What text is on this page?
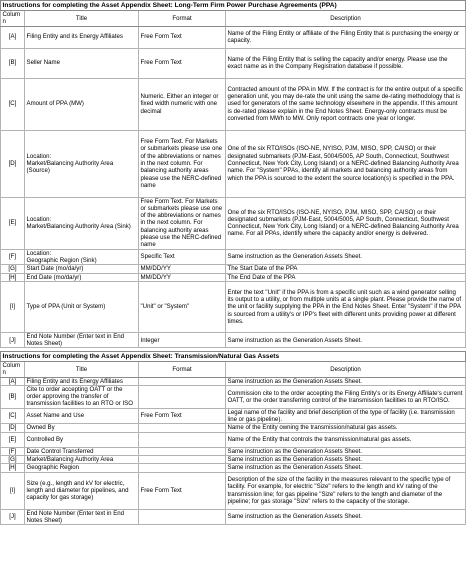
Instructions for completing the Asset Appendix Sheet: Long-Term Firm Power Purchase Agreements (PPA)			
Column	Title	Format	Description
[A]	Filing Entity and its Energy Affiliates	Free Form Text	Name of the Filing Entity or affiliate of the Filing Entity that is purchasing the energy or capacity.
[B]	Seller Name	Free Form Text	Name of the Filing Entity that is selling the capacity and/or energy. Please use the exact name as in the Company Registration database if possible.
[C]	Amount of PPA (MW)	Numeric. Either an integer or fixed width numeric with one decimal	Contracted amount of the PPA in MW. If the contract is for the entire output of a specific generation unit, you may de-rate the unit using the same de-rating methodology that is used for generators of the same technology elsewhere in the appendix. If this amount is de-rated please explain in the End Notes Sheet. Energy-only contracts must be converted from MWh to MW. Only report contracts one year or longer.
[D]	Location:
Market/Balancing Authority Area (Source)	Free Form Text. For Markets or submarkets please use one of the abbreviations or names in the next column. For balancing authority areas please use the NERC-defined name	One of the six RTO/ISOs (ISO-NE, NYISO, PJM, MISO, SPP, CAISO) or their designated submarkets (PJM-East, 5004/5005, AP South, Connecticut, Southwest Connecticut, New York City, Long Island) or a NERC-defined Balancing Authority Area name. For "System" PPAs, identify all markets and balancing authority areas from which the PPA is sourced to the extent the source location(s) is specified in the PPA.
[E]	Location:
Market/Balancing Authority Area (Sink)	Free Form Text. For Markets or submarkets please use one of the abbreviations or names in the next column. For balancing authority areas please use the NERC-defined name	One of the six RTO/ISOs (ISO-NE, NYISO, PJM, MISO, SPP, CAISO) or their designated submarkets (PJM-East, 5004/5005, AP South, Connecticut, Southwest Connecticut, New York City, Long Island) or a NERC-defined Balancing Authority Area name. For all PPAs, identify where the capacity and/or energy is delivered.
[F]	Location:
Geographic Region (Sink)	Specific Text	Same instruction as the Generation Assets Sheet.
[G]	Start Date (mo/da/yr)	MM/DD/YY	The Start Date of the PPA
[H]	End Date (mo/da/yr)	MM/DD/YY	The End Date of the PPA
[I]	Type of PPA (Unit or System)	"Unit" or "System"	Enter the text "Unit" if the PPA is from a specific unit such as a wind generator selling its output to a utility, or from multiple units at a single plant. Please provide the name of the unit or facility supplying the PPA in the End Notes Sheet. Enter "System" if the PPA is sourced from a utility's or IPP's fleet with different units providing power at different times.
[J]	End Note Number (Enter text in End Notes Sheet)	Integer	Same instruction as the Generation Assets Sheet.
Instructions for completing the Asset Appendix Sheet: Transmission/Natural Gas Assets			
Column	Title	Format	Description
[A]	Filing Entity and its Energy Affiliates		Same instruction as the Generation Assets Sheet.
[B]	Cite to order accepting OATT or the order approving the transfer of transmission facilities to an RTO or ISO		Commission cite to the order accepting the Filing Entity's or its Energy Affiliate's current OATT, or the order transferring control of the transmission facilities to an RTO/ISO.
[C]	Asset Name and Use	Free Form Text	Legal name of the facility and brief description of the type of facility (i.e. transmission line or gas pipeline).
[D]	Owned By		Name of the Entity owning the transmission/natural gas assets.
[E]	Controlled By		Name of the Entity that controls the transmission/natural gas assets.
[F]	Date Control Transferred		Same instruction as the Generation Assets Sheet.
[G]	Market/Balancing Authority Area		Same instruction as the Generation Assets Sheet.
[H]	Geographic Region		Same instruction as the Generation Assets Sheet.
[I]	Size (e.g., length and kV for electric, length and diameter for pipelines, and capacity for gas storage)	Free Form Text	Description of the size of the facility in the measures relevant to the specific type of facility. For example, for electric "Size" refers to the length and kV rating of the transmission line; for gas pipeline "Size" refers to the length and diameter of the pipeline; for gas storage "Size" refers to the capacity of the storage.
[J]	End Note Number (Enter text in End Notes Sheet)		Same instruction as the Generation Assets Sheet.
